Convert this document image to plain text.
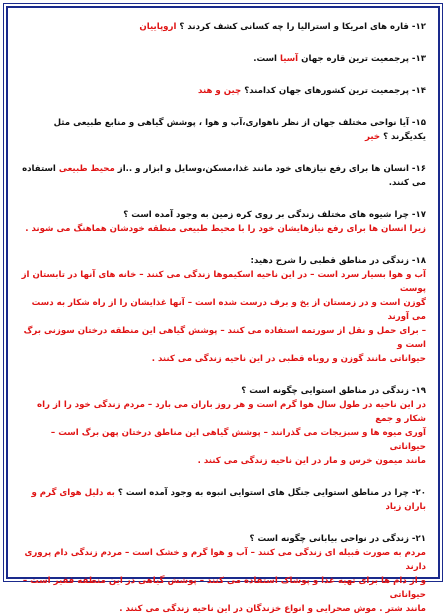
۱۲- قاره های امریکا و استرالیا را چه کسانی کشف کردند ؟ اروپاییان

۱۳- پرجمعیت ترین قاره جهان آسیا است.

۱۴- پرجمعیت ترین کشورهای جهان کدامند؟ چین و هند

۱۵- آیا نواحی مختلف جهان از نظر ناهواری،آب و هوا ، پوشش گیاهی و منابع طبیعی مثل یکدیگرند ؟ خیر

۱۶- انسان ها برای رفع نیازهای خود مانند غذا،مسکن،وسایل و ابزار و ..از محیط طبیعی استفاده می کنند.

۱۷- چرا شیوه های مختلف زندگی بر روی کره زمین به وجود آمده است ؟

زیرا انسان ها برای رفع نیازهایشان خود را با محیط طبیعی منطقه خودشان هماهنگ می شوند .

۱۸- زندگی در مناطق قطبی را شرح دهید:

آب و هوا بسیار سرد است – در این ناحیه اسکیموها زندگی می کنند – خانه های آنها در تابستان از پوست

گوزن است و در زمستان از یخ و برف درست شده است – آنها غذایشان را از راه شکار به دست می آورند

– برای حمل و نقل از سورتمه استفاده می کنند – پوشش گیاهی این منطقه درختان سوزنی برگ است و

حیواناتی مانند گوزن و روباه قطبی در این ناحیه زندگی می کنند .

۱۹- زندگی در مناطق استوایی چگونه است ؟

در این ناحیه در طول سال هوا گرم است و هر روز باران می بارد – مردم زندگی خود را از راه شکار و جمع

آوری میوه ها و سبزیجات می گذرانند – پوشش گیاهی این مناطق درختان پهن برگ است –حیواناتی

مانند میمون خرس و مار در این ناحیه زندگی می کنند .

۲۰- چرا در مناطق استوایی جنگل های استوایی انبوه به وجود آمده است ؟ به دلیل هوای گرم و باران زیاد

۲۱- زندگی در نواحی بیابانی چگونه است ؟

مردم به صورت قبیله ای زندگی می کنند – آب و هوا گرم و خشک است – مردم زندگی دام پروری دارند

و از دام ها برای تهیه غذا و پوشاک استفاده می کنند – پوشش گیاهی در این منطقه فقیر است –حیواناتی

مانند شتر . موش صحرایی و انواع خزندگان در این ناحیه زندگی می کنند .
